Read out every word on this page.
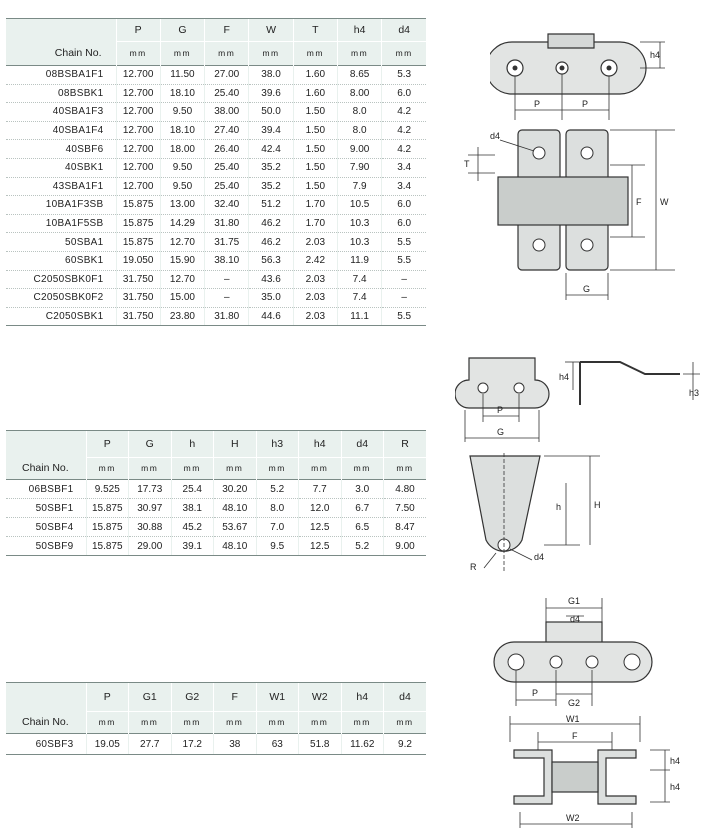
	P	G	F	W	T	h4	d4
Chain No.	mm	mm	mm	mm	mm	mm	mm
08BSBA1F1	12.700	11.50	27.00	38.0	1.60	8.65	5.3
08BSBK1	12.700	18.10	25.40	39.6	1.60	8.00	6.0
40SBA1F3	12.700	9.50	38.00	50.0	1.50	8.0	4.2
40SBA1F4	12.700	18.10	27.40	39.4	1.50	8.0	4.2
40SBF6	12.700	18.00	26.40	42.4	1.50	9.00	4.2
40SBK1	12.700	9.50	25.40	35.2	1.50	7.90	3.4
43SBA1F1	12.700	9.50	25.40	35.2	1.50	7.9	3.4
10BA1F3SB	15.875	13.00	32.40	51.2	1.70	10.5	6.0
10BA1F5SB	15.875	14.29	31.80	46.2	1.70	10.3	6.0
50SBA1	15.875	12.70	31.75	46.2	2.03	10.3	5.5
60SBK1	19.050	15.90	38.10	56.3	2.42	11.9	5.5
C2050SBK0F1	31.750	12.70	–	43.6	2.03	7.4	–
C2050SBK0F2	31.750	15.00	–	35.0	2.03	7.4	–
C2050SBK1	31.750	23.80	31.80	44.6	2.03	11.1	5.5
	P	G	h	H	h3	h4	d4	R
Chain No.	mm	mm	mm	mm	mm	mm	mm	mm
06BSBF1	9.525	17.73	25.4	30.20	5.2	7.7	3.0	4.80
50SBF1	15.875	30.97	38.1	48.10	8.0	12.0	6.7	7.50
50SBF4	15.875	30.88	45.2	53.67	7.0	12.5	6.5	8.47
50SBF9	15.875	29.00	39.1	48.10	9.5	12.5	5.2	9.00
	P	G1	G2	F	W1	W2	h4	d4
Chain No.	mm	mm	mm	mm	mm	mm	mm	mm
60SBF3	19.05	27.7	17.2	38	63	51.8	11.62	9.2
h4
P	P
d4
T
F W
G
P
G
h4
h3
h	H
R
d4
G1
d4
P
G2
W1
F
h4
h4
W2
